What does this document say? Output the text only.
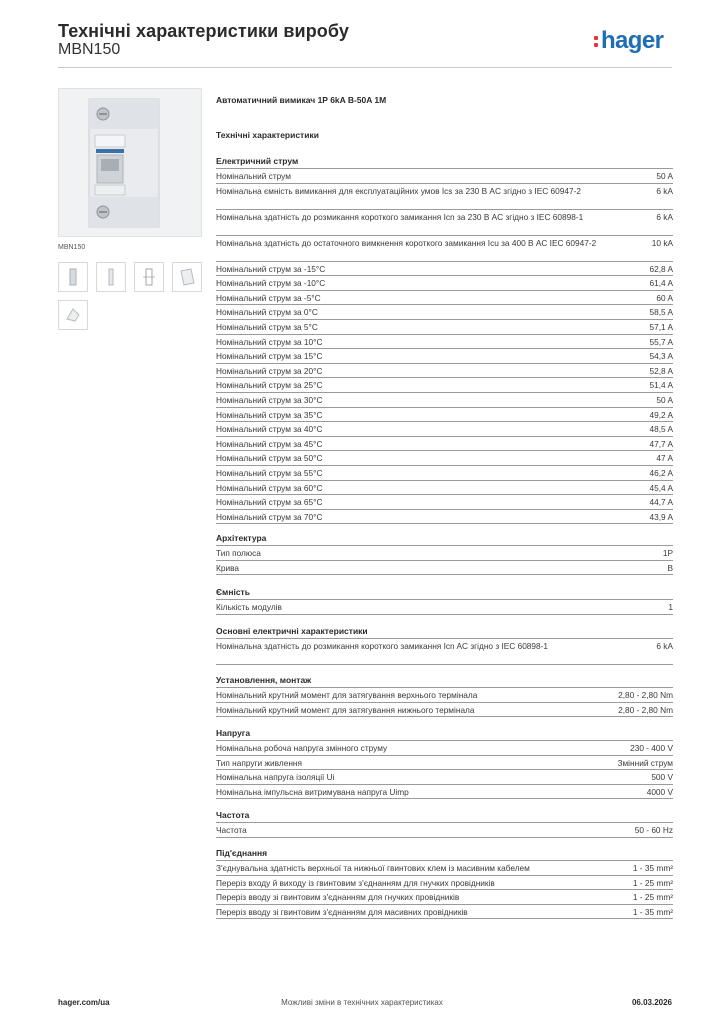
Технічні характеристики виробу
MBN150	hager
MBN150
Автоматичний вимикач 1P 6kA B-50A 1M
Технічні характеристики
Електричний струм
Номінальний струм	50 A
Номінальна ємність вимикання для експлуатаційних умов Ics за 230 В AC згідно з IEC 60947-2	6 kA
Номінальна здатність до розмикання короткого замикання Icn за 230 В AC згідно з IEC 60898-1	6 kA
Номінальна здатність до остаточного вимкнення короткого замикання Icu за 400 В AC IEC 60947-2	10 kA
Номінальний струм за -15°C	62,8 A
Номінальний струм за -10°C	61,4 A
Номінальний струм за -5°C	60 A
Номінальний струм за 0°C	58,5 A
Номінальний струм за 5°C	57,1 A
Номінальний струм за 10°C	55,7 A
Номінальний струм за 15°C	54,3 A
Номінальний струм за 20°C	52,8 A
Номінальний струм за 25°C	51,4 A
Номінальний струм за 30°C	50 A
Номінальний струм за 35°C	49,2 A
Номінальний струм за 40°C	48,5 A
Номінальний струм за 45°C	47,7 A
Номінальний струм за 50°C	47 A
Номінальний струм за 55°C	46,2 A
Номінальний струм за 60°C	45,4 A
Номінальний струм за 65°C	44,7 A
Номінальний струм за 70°C	43,9 A
Архітектура
Тип полюса	1P
Крива	B
Ємність
Кількість модулів	1
Основні електричні характеристики
Номінальна здатність до розмикання короткого замикання Icn AC згідно з IEC 60898-1	6 kA
Установлення, монтаж
Номінальний крутний момент для затягування верхнього термінала	2,80 - 2,80 Nm
Номінальний крутний момент для затягування нижнього термінала	2,80 - 2,80 Nm
Напруга
Номінальна робоча напруга змінного струму	230 - 400 V
Тип напруги живлення	Змінний струм
Номінальна напруга ізоляції Ui	500 V
Номінальна імпульсна витримувана напруга Uimp	4000 V
Частота
Частота	50 - 60 Hz
Під'єднання
З'єднувальна здатність верхньої та нижньої гвинтових клем із масивним кабелем	1 - 35 mm²
Переріз входу й виходу із гвинтовим з'єднанням для гнучких провідників	1 - 25 mm²
Переріз вводу зі гвинтовим з'єднанням для гнучких провідників	1 - 25 mm²
Переріз вводу зі гвинтовим з'єднанням для масивних провідників	1 - 35 mm²
hager.com/ua	Можливі зміни в технічних характеристиках	06.03.2026
